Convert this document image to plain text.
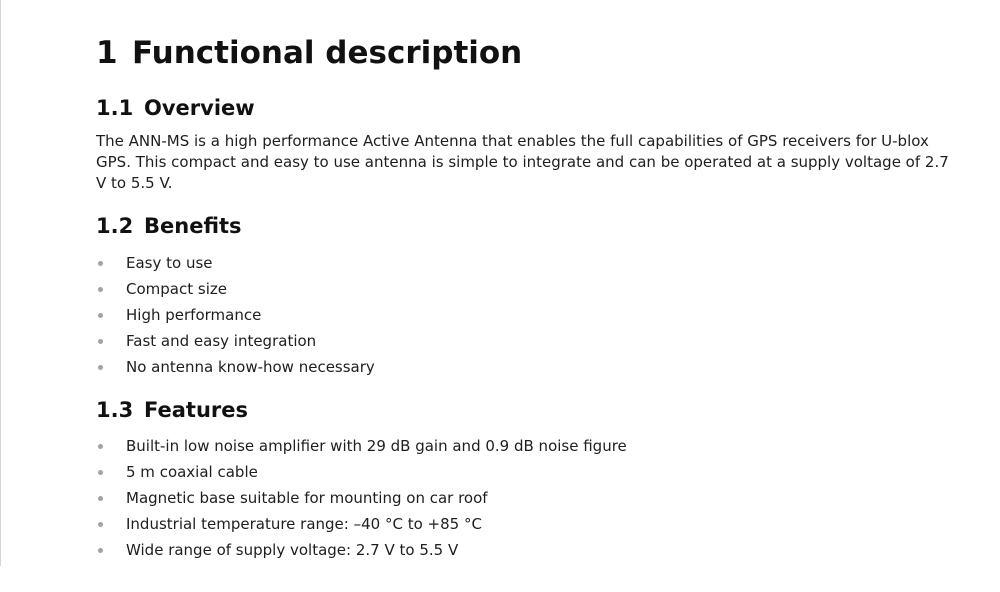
1 Functional description
1.1 Overview

The ANN-MS is a high performance Active Antenna that enables the full capabilities of GPS receivers for U-blox GPS. This compact and easy to use antenna is simple to integrate and can be operated at a supply voltage of 2.7 V to 5.5 V.

1.2 Benefits
Easy to use
Compact size
High performance
Fast and easy integration
No antenna know-how necessary
1.3 Features
Built-in low noise amplifier with 29 dB gain and 0.9 dB noise figure
5 m coaxial cable
Magnetic base suitable for mounting on car roof
Industrial temperature range: –40 °C to +85 °C
Wide range of supply voltage: 2.7 V to 5.5 V
